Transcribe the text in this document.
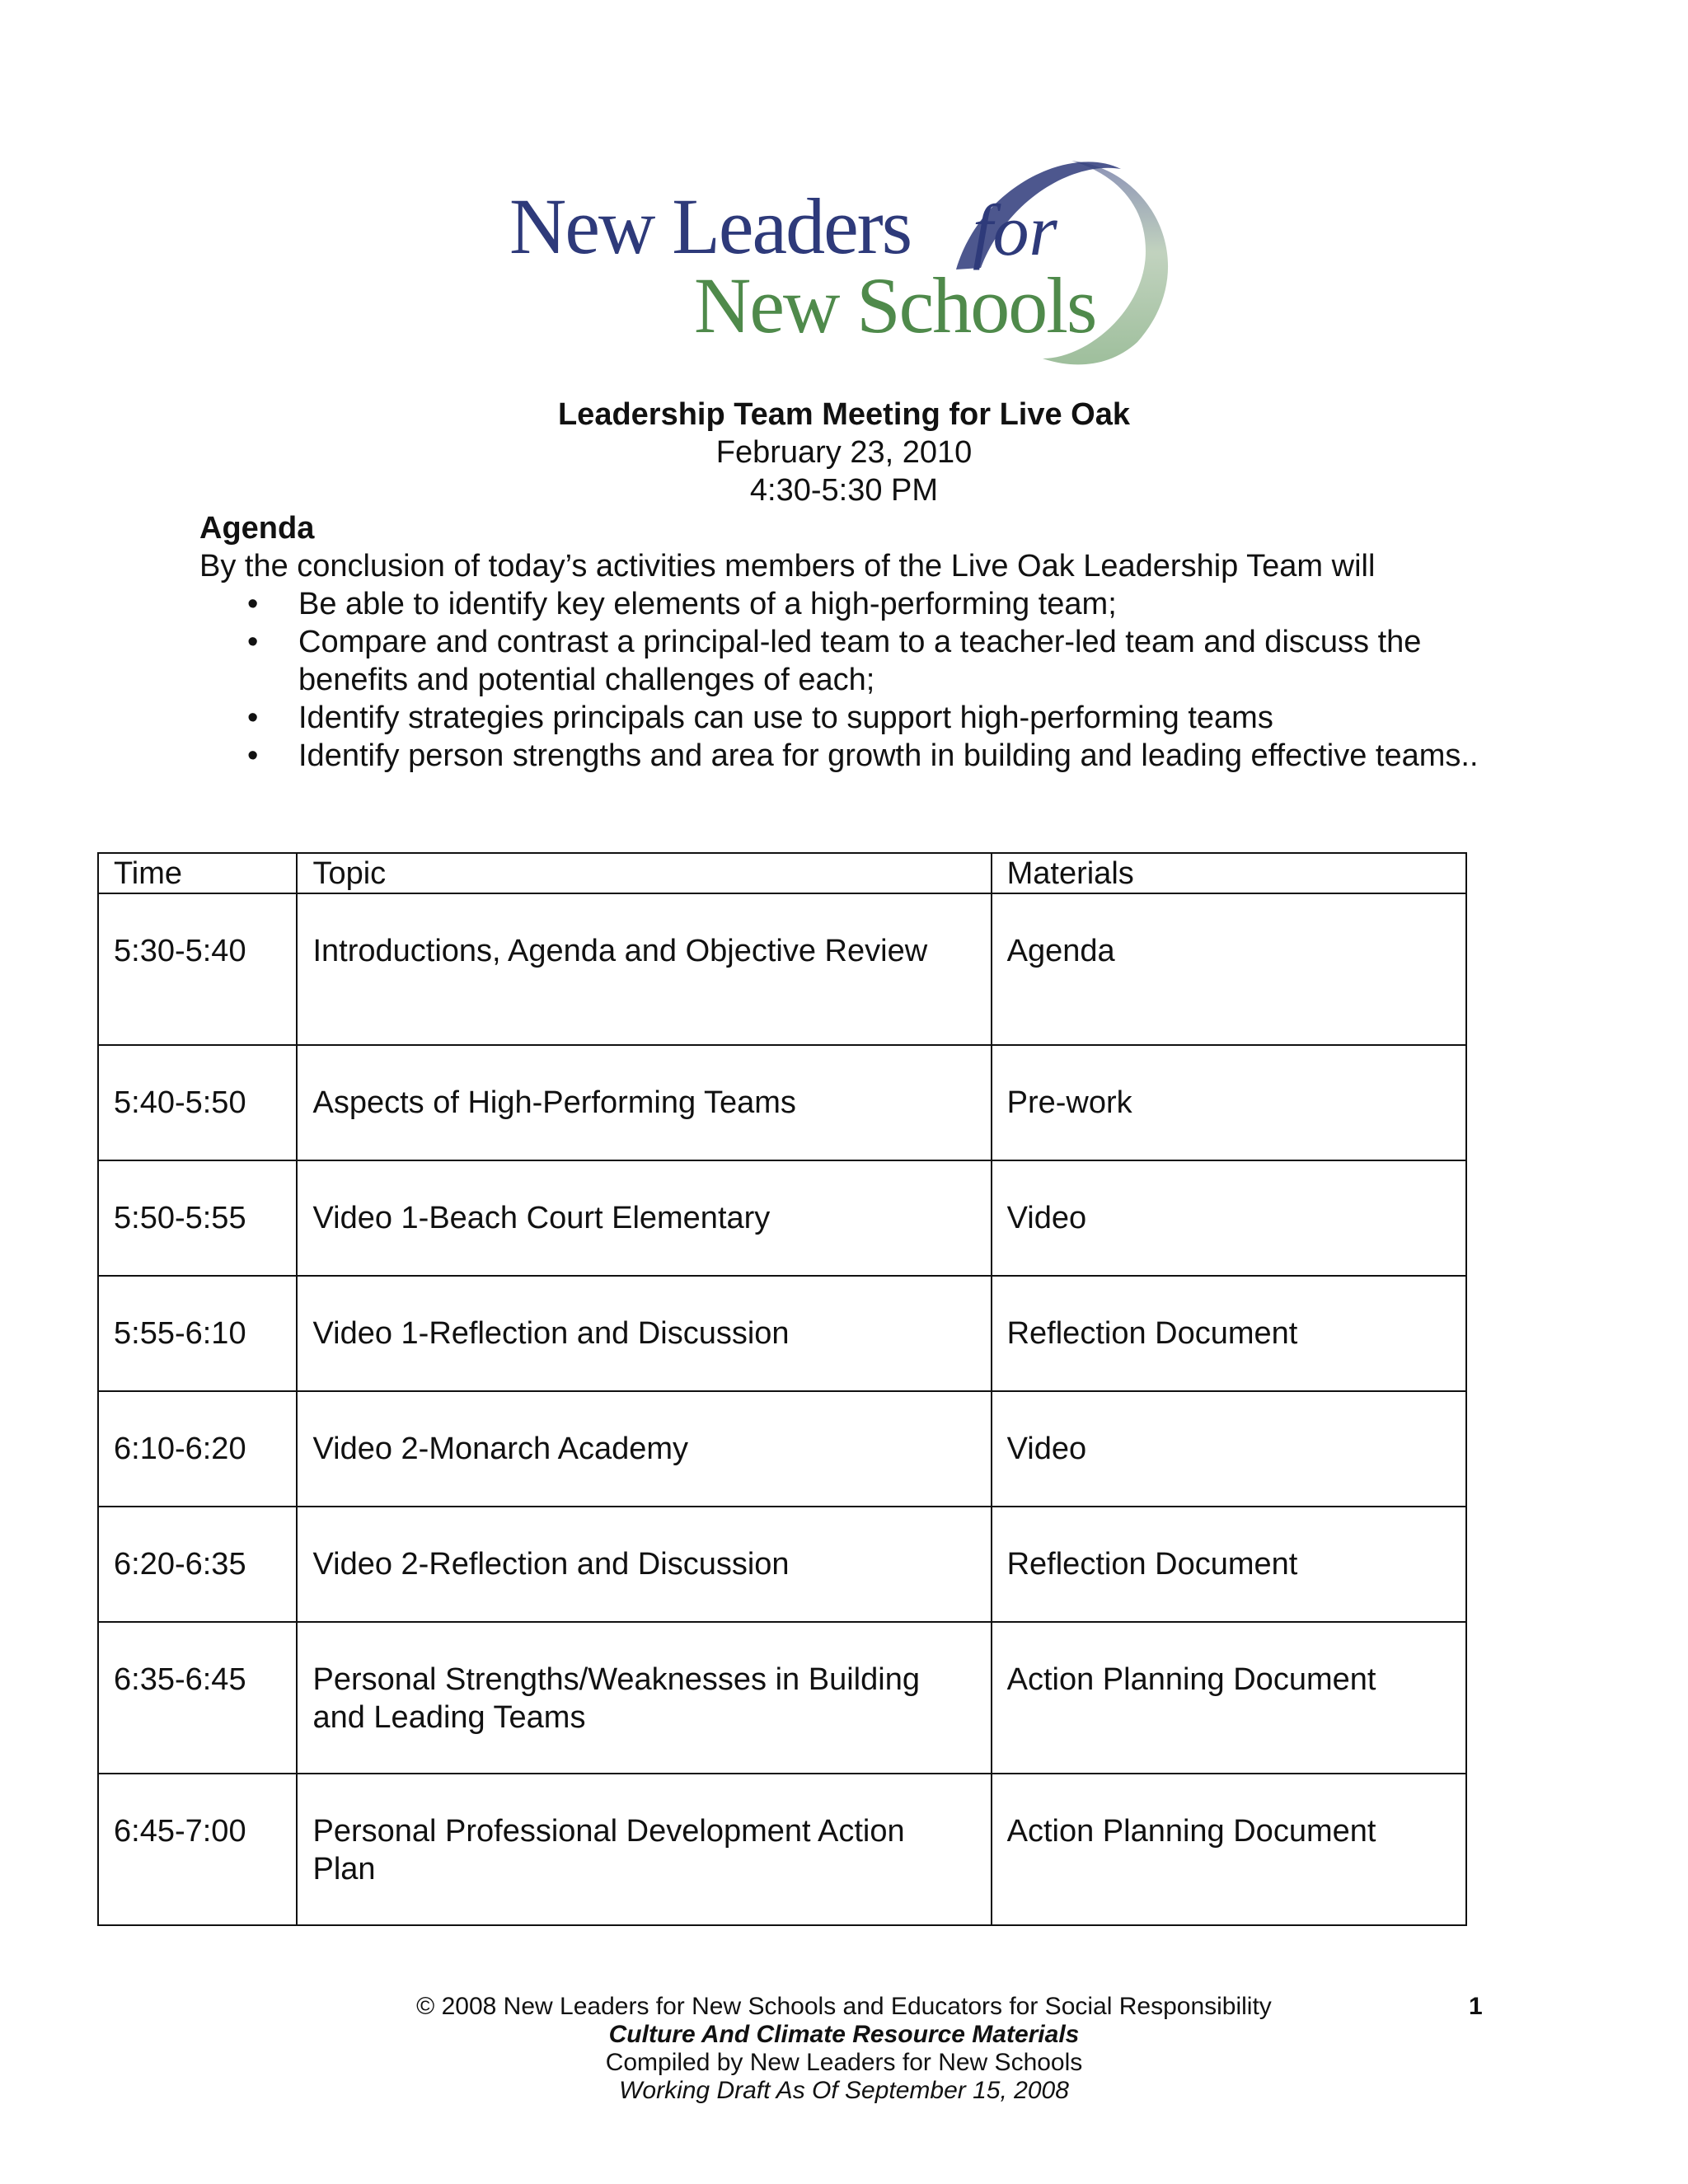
New Leaders for
New Schools
Leadership Team Meeting for Live Oak
February 23, 2010
4:30-5:30 PM
Agenda
By the conclusion of today’s activities members of the Live Oak Leadership Team will
• Be able to identify key elements of a high-performing team;
• Compare and contrast a principal-led team to a teacher-led team and discuss the benefits and potential challenges of each;
• Identify strategies principals can use to support high-performing teams
• Identify person strengths and area for growth in building and leading effective teams..
Time	Topic	Materials
5:30-5:40	Introductions, Agenda and Objective Review	Agenda
5:40-5:50	Aspects of High-Performing Teams	Pre-work
5:50-5:55	Video 1-Beach Court Elementary	Video
5:55-6:10	Video 1-Reflection and Discussion	Reflection Document
6:10-6:20	Video 2-Monarch Academy	Video
6:20-6:35	Video 2-Reflection and Discussion	Reflection Document
6:35-6:45	Personal Strengths/Weaknesses in Building and Leading Teams	Action Planning Document
6:45-7:00	Personal Professional Development Action Plan	Action Planning Document
© 2008 New Leaders for New Schools and Educators for Social Responsibility	1
Culture And Climate Resource Materials
Compiled by New Leaders for New Schools
Working Draft As Of September 15, 2008
